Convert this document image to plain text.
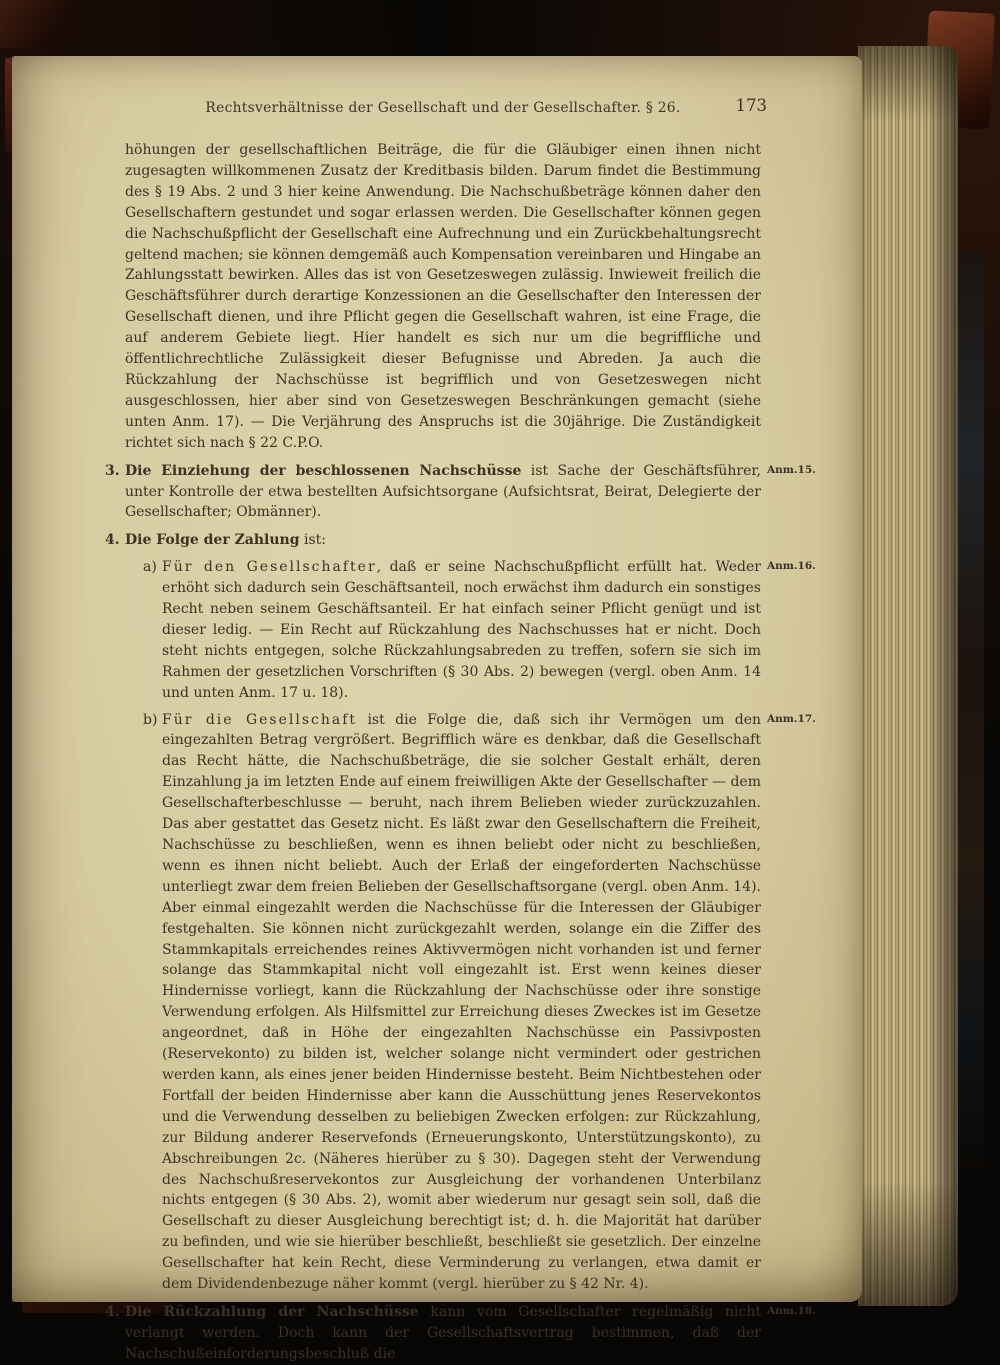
Rechtsverhältnisse der Gesellschaft und der Gesellschafter. § 26.	173

höhungen der gesellschaftlichen Beiträge, die für die Gläubiger einen ihnen nicht zugesagten willkommenen Zusatz der Kreditbasis bilden. Darum findet die Bestimmung des § 19 Abs. 2 und 3 hier keine Anwendung. Die Nachschußbeträge können daher den Gesellschaftern gestundet und sogar erlassen werden. Die Gesellschafter können gegen die Nachschußpflicht der Gesellschaft eine Aufrechnung und ein Zurückbehaltungsrecht geltend machen; sie können demgemäß auch Kompensation vereinbaren und Hingabe an Zahlungsstatt bewirken. Alles das ist von Gesetzeswegen zulässig. Inwieweit freilich die Geschäftsführer durch derartige Konzessionen an die Gesellschafter den Interessen der Gesellschaft dienen, und ihre Pflicht gegen die Gesellschaft wahren, ist eine Frage, die auf anderem Gebiete liegt. Hier handelt es sich nur um die begriffliche und öffentlichrechtliche Zulässigkeit dieser Befugnisse und Abreden. Ja auch die Rückzahlung der Nachschüsse ist begrifflich und von Gesetzeswegen nicht ausgeschlossen, hier aber sind von Gesetzeswegen Beschränkungen gemacht (siehe unten Anm. 17). — Die Verjährung des Anspruchs ist die 30jährige. Die Zuständigkeit richtet sich nach § 22 C.P.O.

3. Die Einziehung der beschlossenen Nachschüsse ist Sache der Geschäftsführer, unter Kontrolle der etwa bestellten Aufsichtsorgane (Aufsichtsrat, Beirat, Delegierte der Gesellschafter; Obmänner).
Anm.15.
4. Die Folge der Zahlung ist:
a) Für den Gesellschafter, daß er seine Nachschußpflicht erfüllt hat. Weder erhöht sich dadurch sein Geschäftsanteil, noch erwächst ihm dadurch ein sonstiges Recht neben seinem Geschäftsanteil. Er hat einfach seiner Pflicht genügt und ist dieser ledig. — Ein Recht auf Rückzahlung des Nachschusses hat er nicht. Doch steht nichts entgegen, solche Rückzahlungsabreden zu treffen, sofern sie sich im Rahmen der gesetzlichen Vorschriften (§ 30 Abs. 2) bewegen (vergl. oben Anm. 14 und unten Anm. 17 u. 18).
Anm.16.
b) Für die Gesellschaft ist die Folge die, daß sich ihr Vermögen um den eingezahlten Betrag vergrößert. Begrifflich wäre es denkbar, daß die Gesellschaft das Recht hätte, die Nachschußbeträge, die sie solcher Gestalt erhält, deren Einzahlung ja im letzten Ende auf einem freiwilligen Akte der Gesellschafter — dem Gesellschafterbeschlusse — beruht, nach ihrem Belieben wieder zurückzuzahlen. Das aber gestattet das Gesetz nicht. Es läßt zwar den Gesellschaftern die Freiheit, Nachschüsse zu beschließen, wenn es ihnen beliebt oder nicht zu beschließen, wenn es ihnen nicht beliebt. Auch der Erlaß der eingeforderten Nachschüsse unterliegt zwar dem freien Belieben der Gesellschaftsorgane (vergl. oben Anm. 14). Aber einmal eingezahlt werden die Nachschüsse für die Interessen der Gläubiger festgehalten. Sie können nicht zurückgezahlt werden, solange ein die Ziffer des Stammkapitals erreichendes reines Aktivvermögen nicht vorhanden ist und ferner solange das Stammkapital nicht voll eingezahlt ist. Erst wenn keines dieser Hindernisse vorliegt, kann die Rückzahlung der Nachschüsse oder ihre sonstige Verwendung erfolgen. Als Hilfsmittel zur Erreichung dieses Zweckes ist im Gesetze angeordnet, daß in Höhe der eingezahlten Nachschüsse ein Passivposten (Reservekonto) zu bilden ist, welcher solange nicht vermindert oder gestrichen werden kann, als eines jener beiden Hindernisse besteht. Beim Nichtbestehen oder Fortfall der beiden Hindernisse aber kann die Ausschüttung jenes Reservekontos und die Verwendung desselben zu beliebigen Zwecken erfolgen: zur Rückzahlung, zur Bildung anderer Reservefonds (Erneuerungskonto, Unterstützungskonto), zu Abschreibungen 2c. (Näheres hierüber zu § 30). Dagegen steht der Verwendung des Nachschußreservekontos zur Ausgleichung der vorhandenen Unterbilanz nichts entgegen (§ 30 Abs. 2), womit aber wiederum nur gesagt sein soll, daß die Gesellschaft zu dieser Ausgleichung berechtigt ist; d. h. die Majorität hat darüber zu befinden, und wie sie hierüber beschließt, beschließt sie gesetzlich. Der einzelne Gesellschafter hat kein Recht, diese Verminderung zu verlangen, etwa damit er dem Dividendenbezuge näher kommt (vergl. hierüber zu § 42 Nr. 4).
Anm.17.
4. Die Rückzahlung der Nachschüsse kann vom Gesellschafter regelmäßig nicht verlangt werden. Doch kann der Gesellschaftsvertrag bestimmen, daß der Nachschußeinforderungsbeschluß die
Anm.18.
